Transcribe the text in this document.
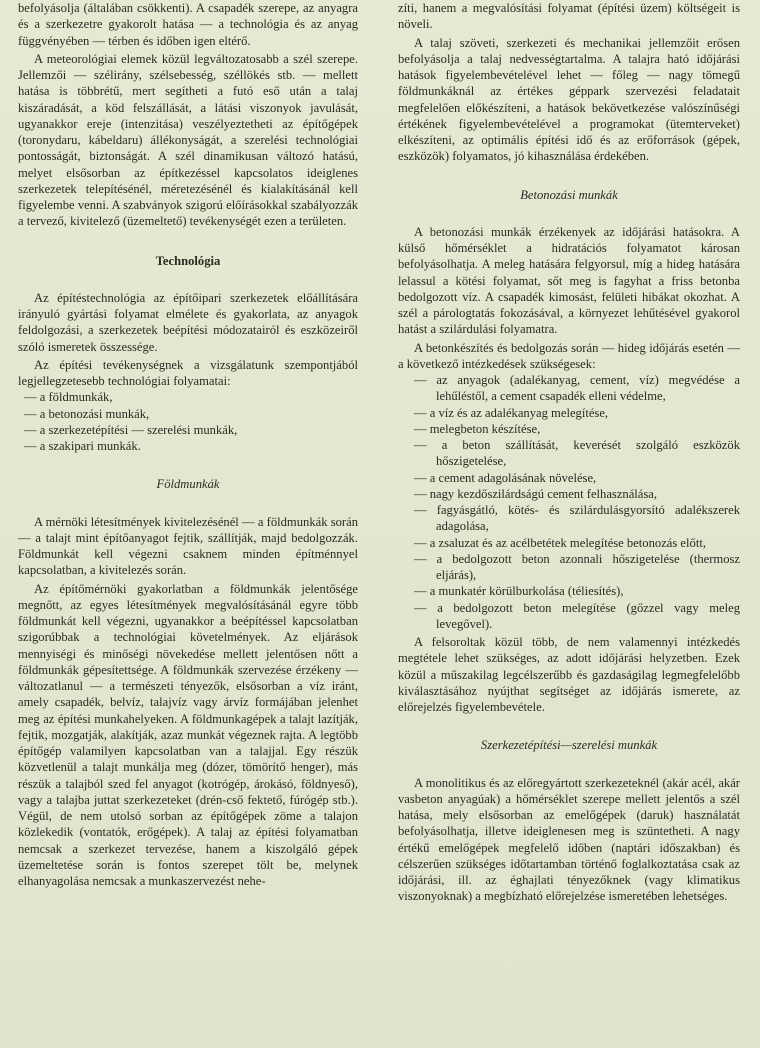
befolyásolja (általában csökkenti). A csapadék szerepe, az anyagra és a szerkezetre gyakorolt hatása — a technológia és az anyag függvényében — térben és időben igen eltérő.

A meteorológiai elemek közül legváltozatosabb a szél szerepe. Jellemzői — szélirány, szélsebesség, széllökés stb. — mellett hatása is többrétű, mert segítheti a futó eső után a talaj kiszáradását, a köd felszállását, a látási viszonyok javulását, ugyanakkor ereje (intenzitása) veszélyeztetheti az építőgépek (toronydaru, kábeldaru) állékonyságát, a szerelési technológiai pontosságát, biztonságát. A szél dinamikusan változó hatású, melyet elsősorban az építkezéssel kapcsolatos ideiglenes szerkezetek telepítésénél, méretezésénél és kialakításánál kell figyelembe venni. A szabványok szigorú előírásokkal szabályozzák a tervező, kivitelező (üzemeltető) tevékenységét ezen a területen.

Technológia

Az építéstechnológia az építőipari szerkezetek előállítására irányuló gyártási folyamat elmélete és gyakorlata, az anyagok feldolgozási, a szerkezetek beépítési módozatairól és eszközeiről szóló ismeretek összessége.

Az építési tevékenységnek a vizsgálatunk szempontjából legjellegzetesebb technológiai folyamatai:

— a földmunkák,
— a betonozási munkák,
— a szerkezetépítési — szerelési munkák,
— a szakipari munkák.
Földmunkák

A mérnöki létesítmények kivitelezésénél — a földmunkák során — a talajt mint építőanyagot fejtik, szállítják, majd bedolgozzák. Földmunkát kell végezni csaknem minden építménnyel kapcsolatban, a kivitelezés során.

Az építőmérnöki gyakorlatban a földmunkák jelentősége megnőtt, az egyes létesítmények megvalósításánál egyre több földmunkát kell végezni, ugyanakkor a beépítéssel kapcsolatban szigorúbbak a technológiai követelmények. Az eljárások mennyiségi és minőségi növekedése mellett jelentősen nőtt a földmunkák gépesítettsége. A földmunkák szervezése érzékeny — változatlanul — a természeti tényezők, elsősorban a víz iránt, amely csapadék, belvíz, talajvíz vagy árvíz formájában jelenhet meg az építési munkahelyeken. A földmunkagépek a talajt lazítják, fejtik, mozgatják, alakítják, azaz munkát végeznek rajta. A legtöbb építőgép valamilyen kapcsolatban van a talajjal. Egy részük közvetlenül a talajt munkálja meg (dózer, tömörítő henger), más részük a talajból szed fel anyagot (kotrógép, árokásó, földnyeső), vagy a talajba juttat szerkezeteket (drén-cső fektető, fúrógép stb.). Végül, de nem utolsó sorban az építőgépek zöme a talajon közlekedik (vontatók, erőgépek). A talaj az építési folyamatban nemcsak a szerkezet tervezése, hanem a kiszolgáló gépek üzemeltetése során is fontos szerepet tölt be, melynek elhanyagolása nemcsak a munkaszervezést nehe-

zíti, hanem a megvalósítási folyamat (építési üzem) költségeit is növeli.

A talaj szöveti, szerkezeti és mechanikai jellemzőit erősen befolyásolja a talaj nedvességtartalma. A talajra ható időjárási hatások figyelembevételével lehet — főleg — nagy tömegű földmunkáknál az értékes géppark szervezési feladatait megfelelően előkészíteni, a hatások bekövetkezése valószínűségi értékének figyelembevételével a programokat (ütemterveket) elkészíteni, az optimális építési idő és az erőforrások (gépek, eszközök) folyamatos, jó kihasználása érdekében.

Betonozási munkák

A betonozási munkák érzékenyek az időjárási hatásokra. A külső hőmérséklet a hidratációs folyamatot károsan befolyásolhatja. A meleg hatására felgyorsul, míg a hideg hatására lelassul a kötési folyamat, sőt meg is fagyhat a friss betonba bedolgozott víz. A csapadék kimosást, felületi hibákat okozhat. A szél a párologtatás fokozásával, a környezet lehűtésével gyakorol hatást a szilárdulási folyamatra.

A betonkészítés és bedolgozás során — hideg időjárás esetén — a következő intézkedések szükségesek:

— az anyagok (adalékanyag, cement, víz) megvédése a lehűléstől, a cement csapadék elleni védelme,
— a víz és az adalékanyag melegítése,
— melegbeton készítése,
— a beton szállítását, keverését szolgáló eszközök hőszigetelése,
— a cement adagolásának növelése,
— nagy kezdőszilárdságú cement felhasználása,
— fagyásgátló, kötés- és szilárdulásgyorsító adalékszerek adagolása,
— a zsaluzat és az acélbetétek melegítése betonozás előtt,
— a bedolgozott beton azonnali hőszigetelése (thermosz eljárás),
— a munkatér körülburkolása (téliesítés),
— a bedolgozott beton melegítése (gőzzel vagy meleg levegővel).

A felsoroltak közül több, de nem valamennyi intézkedés megtétele lehet szükséges, az adott időjárási helyzetben. Ezek közül a műszakilag legcélszerűbb és gazdaságilag legmegfelelőbb kiválasztásához nyújthat segítséget az időjárás ismerete, az előrejelzés figyelembevétele.

Szerkezetépítési—szerelési munkák

A monolitikus és az előregyártott szerkezeteknél (akár acél, akár vasbeton anyagúak) a hőmérséklet szerepe mellett jelentős a szél hatása, mely elsősorban az emelőgépek (daruk) használatát befolyásolhatja, illetve ideiglenesen meg is szüntetheti. A nagy értékű emelőgépek megfelelő időben (naptári időszakban) és célszerűen szükséges időtartamban történő foglalkoztatása csak az időjárási, ill. az éghajlati tényezőknek (vagy klimatikus viszonyoknak) a megbízható előrejelzése ismeretében lehetséges.
